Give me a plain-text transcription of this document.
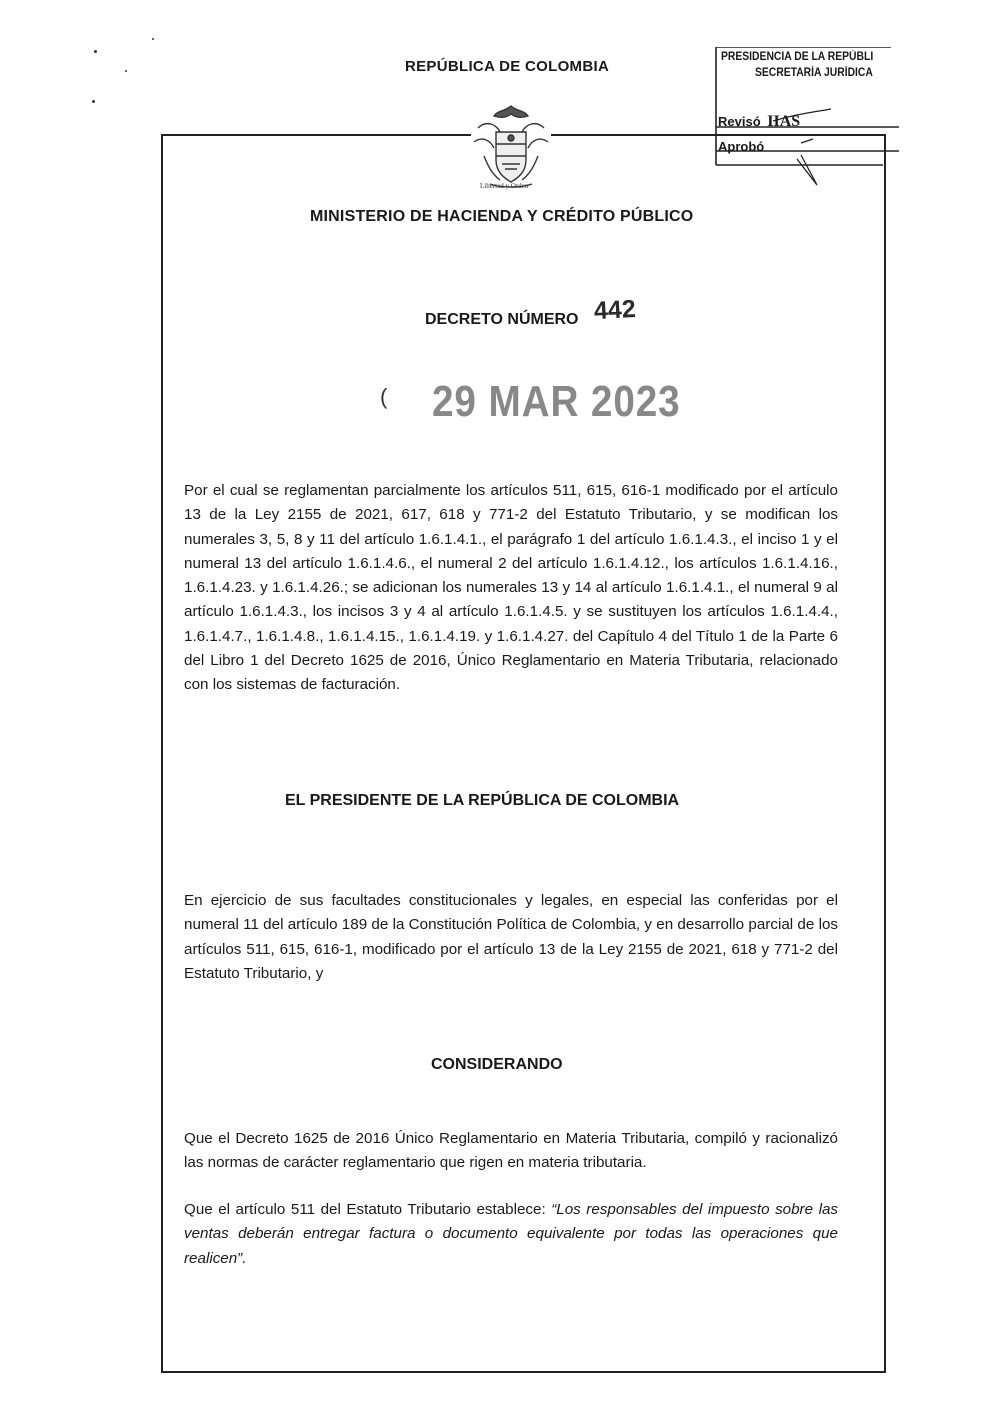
REPÚBLICA DE COLOMBIA
Libertad y Orden
MINISTERIO DE HACIENDA Y CRÉDITO PÚBLICO
PRESIDENCIA DE LA REPÚBLI
SECRETARÍA JURÍDICA
Revisó IIAS
Aprobó
DECRETO NÚMERO 442
( 29 MAR 2023

Por el cual se reglamentan parcialmente los artículos 511, 615, 616-1 modificado por el artículo 13 de la Ley 2155 de 2021, 617, 618 y 771-2 del Estatuto Tributario, y se modifican los numerales 3, 5, 8 y 11 del artículo 1.6.1.4.1., el parágrafo 1 del artículo 1.6.1.4.3., el inciso 1 y el numeral 13 del artículo 1.6.1.4.6., el numeral 2 del artículo 1.6.1.4.12., los artículos 1.6.1.4.16., 1.6.1.4.23. y 1.6.1.4.26.; se adicionan los numerales 13 y 14 al artículo 1.6.1.4.1., el numeral 9 al artículo 1.6.1.4.3., los incisos 3 y 4 al artículo 1.6.1.4.5. y se sustituyen los artículos 1.6.1.4.4., 1.6.1.4.7., 1.6.1.4.8., 1.6.1.4.15., 1.6.1.4.19. y 1.6.1.4.27. del Capítulo 4 del Título 1 de la Parte 6 del Libro 1 del Decreto 1625 de 2016, Único Reglamentario en Materia Tributaria, relacionado con los sistemas de facturación.

EL PRESIDENTE DE LA REPÚBLICA DE COLOMBIA

En ejercicio de sus facultades constitucionales y legales, en especial las conferidas por el numeral 11 del artículo 189 de la Constitución Política de Colombia, y en desarrollo parcial de los artículos 511, 615, 616-1, modificado por el artículo 13 de la Ley 2155 de 2021, 618 y 771-2 del Estatuto Tributario, y

CONSIDERANDO

Que el Decreto 1625 de 2016 Único Reglamentario en Materia Tributaria, compiló y racionalizó las normas de carácter reglamentario que rigen en materia tributaria.

Que el artículo 511 del Estatuto Tributario establece: “Los responsables del impuesto sobre las ventas deberán entregar factura o documento equivalente por todas las operaciones que realicen”.
